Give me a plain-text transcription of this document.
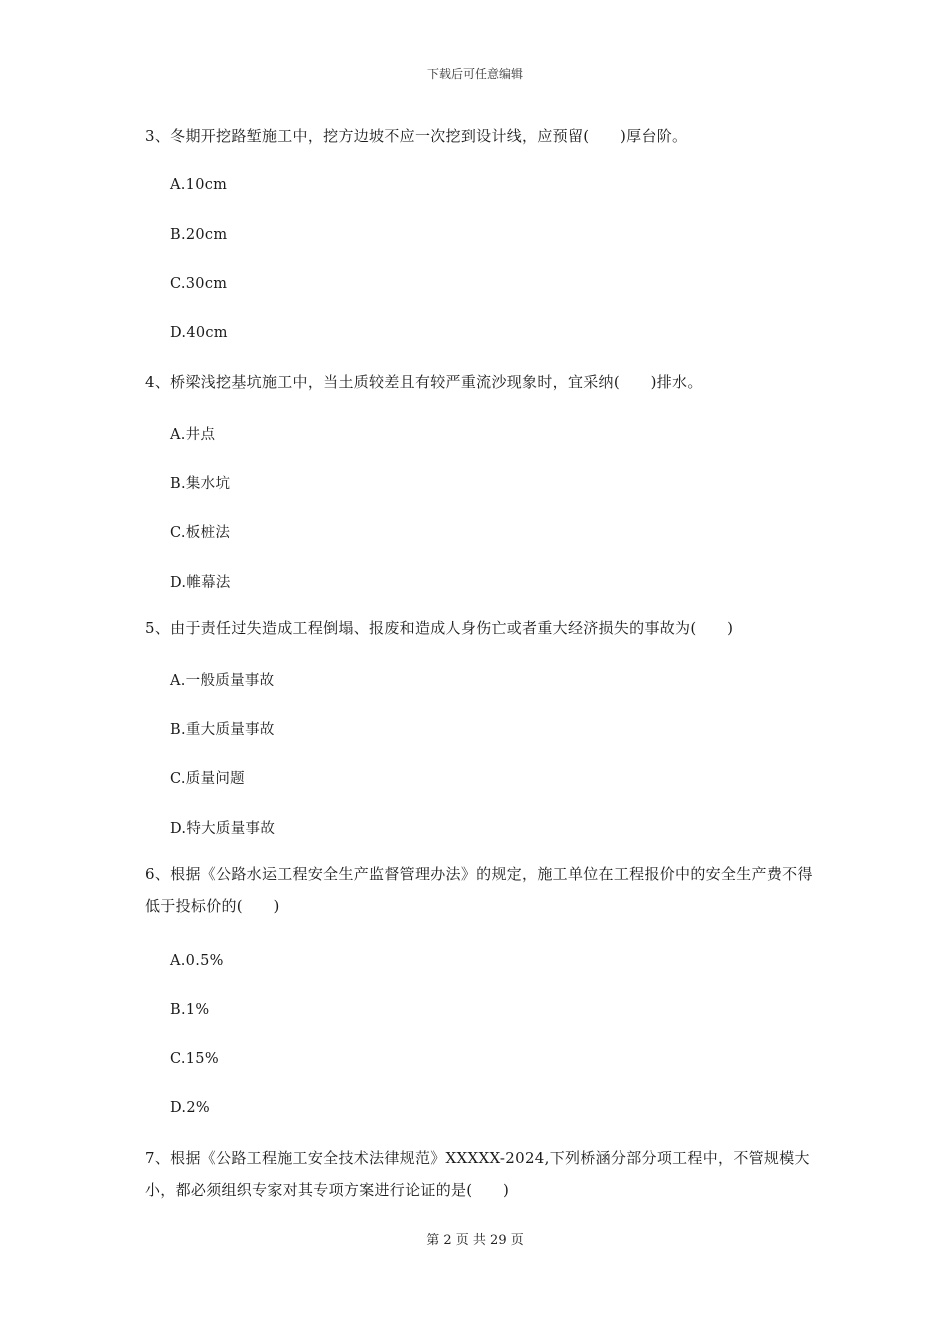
下载后可任意编辑
3、冬期开挖路堑施工中，挖方边坡不应一次挖到设计线，应预留(　　)厚台阶。
A.10cm
B.20cm
C.30cm
D.40cm
4、桥梁浅挖基坑施工中，当土质较差且有较严重流沙现象时，宜采纳(　　)排水。
A.井点
B.集水坑
C.板桩法
D.帷幕法
5、由于责任过失造成工程倒塌、报废和造成人身伤亡或者重大经济损失的事故为(　　)
A.一般质量事故
B.重大质量事故
C.质量问题
D.特大质量事故
6、根据《公路水运工程安全生产监督管理办法》的规定，施工单位在工程报价中的安全生产费不得低于投标价的(　　)
A.0.5%
B.1%
C.15%
D.2%
7、根据《公路工程施工安全技术法律规范》XXXXX-2024,下列桥涵分部分项工程中，不管规模大小，都必须组织专家对其专项方案进行论证的是(　　)
第 2 页 共 29 页
